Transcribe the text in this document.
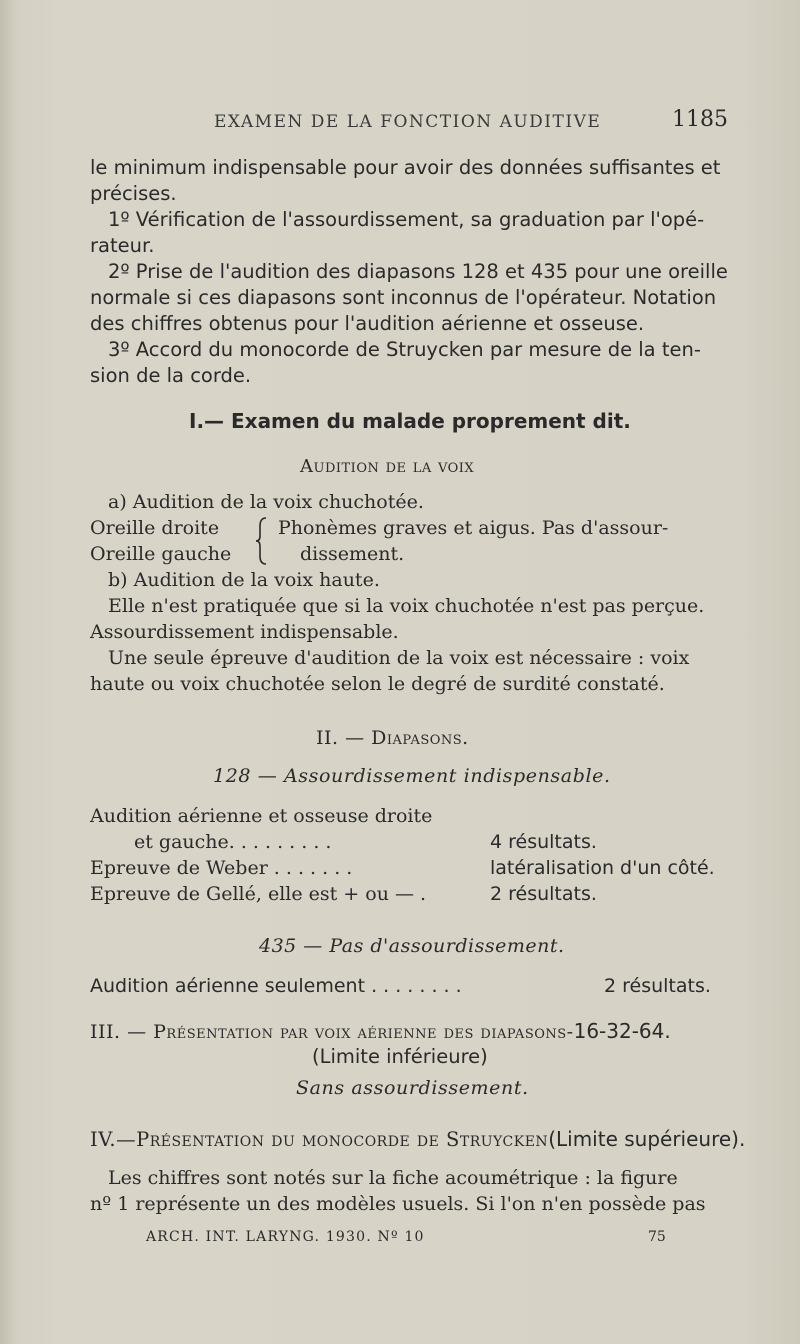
EXAMEN DE LA FONCTION AUDITIVE	1185
le minimum indispensable pour avoir des données suffisantes et
précises.
1º Vérification de l'assourdissement, sa graduation par l'opé-
rateur.
2º Prise de l'audition des diapasons 128 et 435 pour une oreille
normale si ces diapasons sont inconnus de l'opérateur. Notation
des chiffres obtenus pour l'audition aérienne et osseuse.
3º Accord du monocorde de Struycken par mesure de la ten-
sion de la corde.
I.— Examen du malade proprement dit.
Audition de la voix
a) Audition de la voix chuchotée.
Oreille droite
Oreille gauche
Phonèmes graves et aigus. Pas d'assour-
dissement.
b) Audition de la voix haute.
Elle n'est pratiquée que si la voix chuchotée n'est pas perçue.
Assourdissement indispensable.
Une seule épreuve d'audition de la voix est nécessaire : voix
haute ou voix chuchotée selon le degré de surdité constaté.
II. — Diapasons.
128 — Assourdissement indispensable.
Audition aérienne et osseuse droite
et gauche. . . . . . . . .	4 résultats.
Epreuve de Weber . . . . . . .	latéralisation d'un côté.
Epreuve de Gellé, elle est + ou — .	2 résultats.
435 — Pas d'assourdissement.
Audition aérienne seulement . . . . . . . .	2 résultats.
III. — Présentation par voix aérienne des diapasons-16-32-64.
(Limite inférieure)
Sans assourdissement.
IV.—Présentation du monocorde de Struycken(Limite supérieure).
Les chiffres sont notés sur la fiche acoumétrique : la figure
nº 1 représente un des modèles usuels. Si l'on n'en possède pas
ARCH. INT. LARYNG. 1930. Nº 10	75
